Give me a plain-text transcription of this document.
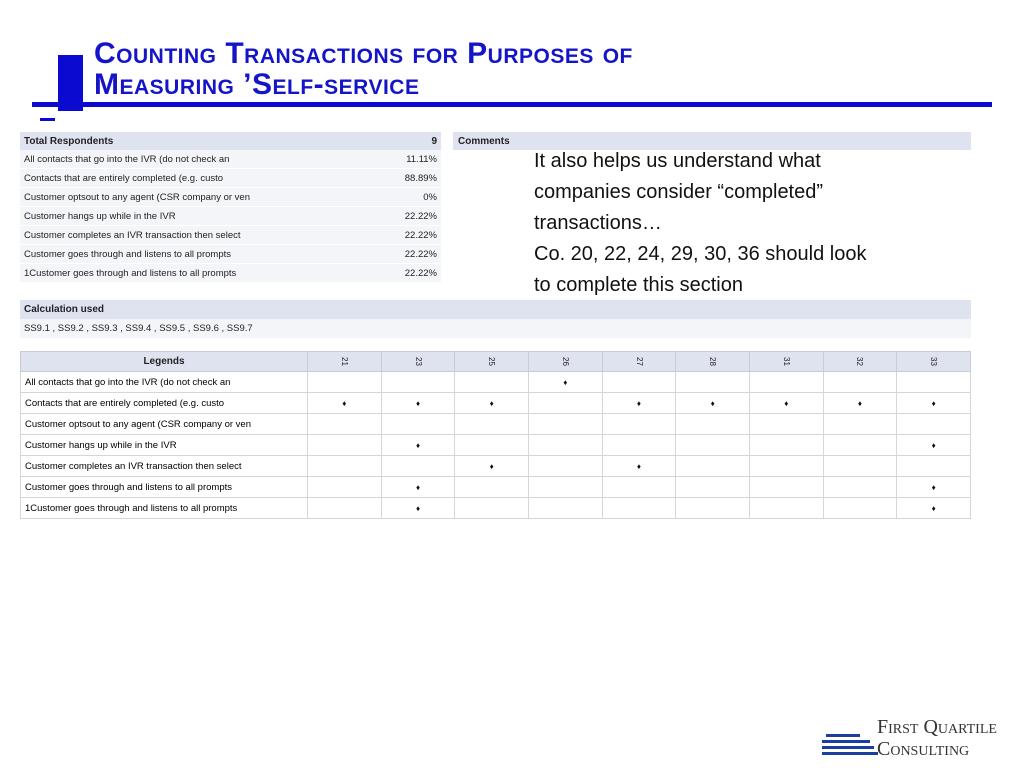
Counting Transactions for Purposes of
Measuring ’Self-service
Total Respondents	9
All contacts that go into the IVR (do not check an	11.11%
Contacts that are entirely completed (e.g. custo	88.89%
Customer optsout to any agent (CSR company or ven	0%
Customer hangs up while in the IVR	22.22%
Customer completes an IVR transaction then select	22.22%
Customer goes through and listens to all prompts	22.22%
1Customer goes through and listens to all prompts	22.22%
Comments
It also helps us understand what
companies consider “completed”
transactions…
Co. 20, 22, 24, 29, 30, 36 should look
to complete this section
Calculation used
SS9.1 , SS9.2 , SS9.3 , SS9.4 , SS9.5 , SS9.6 , SS9.7
Legends	21	23	25	26	27	28	31	32	33
All contacts that go into the IVR (do not check an				♦					
Contacts that are entirely completed (e.g. custo	♦	♦	♦		♦	♦	♦	♦	♦
Customer optsout to any agent (CSR company or ven									
Customer hangs up while in the IVR		♦							♦
Customer completes an IVR transaction then select			♦		♦				
Customer goes through and listens to all prompts		♦							♦
1Customer goes through and listens to all prompts		♦							♦
First Quartile
Consulting
